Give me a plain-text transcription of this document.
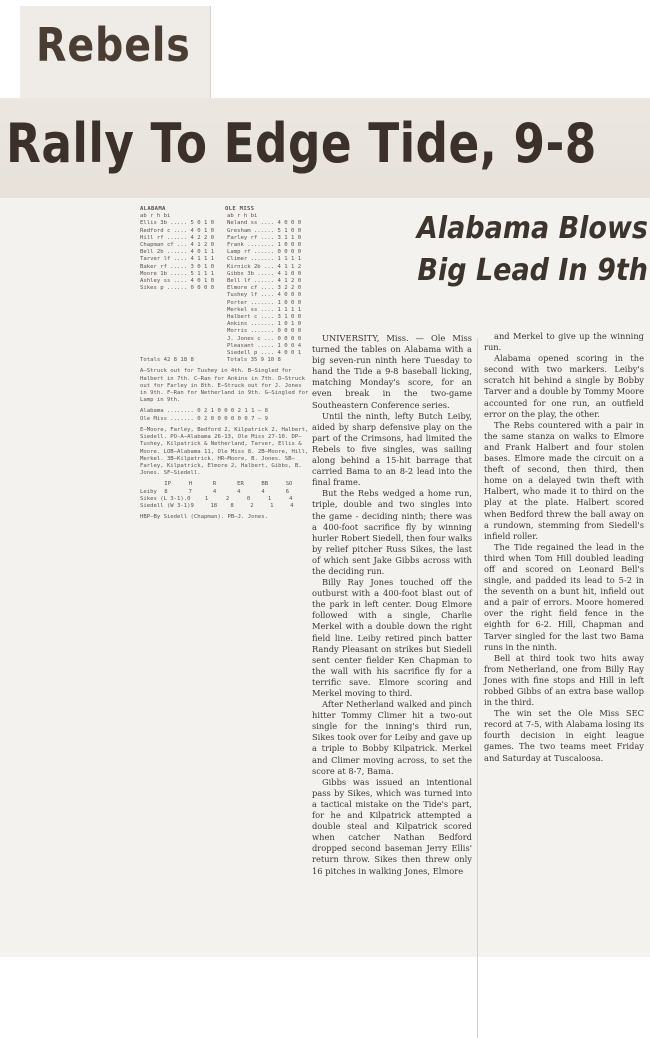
Rebels
Rally To Edge Tide, 9-8
ALABAMA	OLE MISS
ab r h bi
Ellis 3b ..... 5 0 1 0
Redford c .... 4 0 1 0
Hill rf ...... 4 2 2 0
Chapman cf ... 4 1 2 0
Bell 2b ...... 4 0 1 1
Tarver lf .... 4 1 1 1
Baker rf ..... 3 0 1 0
Moore 1b ..... 5 1 1 1
Ashley ss .... 4 0 1 0
Sikes p ...... 0 0 0 0
ab r h bi
Neland ss .... 4 0 0 0
Gresham ...... 5 1 0 0
Farley rf .... 3 1 1 0
Frank ........ 1 0 0 0
Lamp rf ...... 0 0 0 0
Climer ....... 1 1 1 1
Kirnick 2b ... 4 1 1 2
Gibbs 3b ..... 4 1 0 0
Bell lf ...... 4 1 2 0
Elmore cf .... 3 2 2 0
Tushey lf .... 4 0 0 0
Porter ....... 1 0 0 0
Merkel ss .... 1 1 1 1
Halbert c .... 3 1 0 0
Ankins ....... 1 0 1 0
Morris ....... 0 0 0 0
J. Jones c ... 0 0 0 0
Pleasant ..... 1 0 0 4
Siedell p .... 4 0 0 1
Totals 42 8 18 8	Totals 35 9 10 8
A—Struck out for Tushey in 4th. B—Singled for Halbert in 7th. C—Ran for Ankins in 7th. D—Struck out for Farley in 8th. E—Struck out for J. Jones in 9th. F—Ran for Netherland in 9th. G—Singled for Lamp in 9th.
Alabama ........ 0 2 1 0 0 0 2 1 1 — 8
Ole Miss ....... 0 2 0 0 0 0 0 0 7 — 9
E—Moore, Farley, Bedford 2, Kilpatrick 2, Halbert, Siedell. PO-A—Alabama 26-13, Ole Miss 27-10. DP—Tushey, Kilpatrick & Netherland, Tarver, Ellis & Moore. LOB—Alabama 11, Ole Miss 8. 2B—Moore, Hill, Merkel. 3B—Kilpatrick. HR—Moore, B. Jones. SB—Farley, Kilpatrick, Elmore 2, Halbert, Gibbs, B. Jones. SF—Siedell.
IP	H	R	ER	BB	SO
Leiby	8	7	4	4	4	6
Sikes (L 3-1) .0	1	2	0	1	4
Siedell (W 3-1) 9	18	8	2	1	4
HBP—By Siedell (Chapman). PB—J. Jones.
Alabama Blows
Big Lead In 9th

UNIVERSITY, Miss. — Ole Miss turned the tables on Alabama with a big seven-run ninth here Tuesday to hand the Tide a 9-8 baseball licking, matching Monday's score, for an even break in the two-game Southeastern Conference series.

Until the ninth, lefty Butch Leiby, aided by sharp defensive play on the part of the Crimsons, had limited the Rebels to five singles, was sailing along behind a 15-hit barrage that carried Bama to an 8-2 lead into the final frame.

But the Rebs wedged a home run, triple, double and two singles into the game - deciding ninth; there was a 400-foot sacrifice fly by winning hurler Robert Siedell, then four walks by relief pitcher Russ Sikes, the last of which sent Jake Gibbs across with the deciding run.

Billy Ray Jones touched off the outburst with a 400-foot blast out of the park in left center. Doug Elmore followed with a single, Charlie Merkel with a double down the right field line. Leiby retired pinch batter Randy Pleasant on strikes but Siedell sent center fielder Ken Chapman to the wall with his sacrifice fly for a terrific save. Elmore scoring and Merkel moving to third.

After Netherland walked and pinch hitter Tommy Climer hit a two-out single for the inning's third run, Sikes took over for Leiby and gave up a triple to Bobby Kilpatrick. Merkel and Climer moving across, to set the score at 8-7, Bama.

Gibbs was issued an intentional pass by Sikes, which was turned into a tactical mistake on the Tide's part, for he and Kilpatrick attempted a double steal and Kilpatrick scored when catcher Nathan Bedford dropped second baseman Jerry Ellis' return throw. Sikes then threw only 16 pitches in walking Jones, Elmore

and Merkel to give up the winning run.

Alabama opened scoring in the second with two markers. Leiby's scratch hit behind a single by Bobby Tarver and a double by Tommy Moore accounted for one run, an outfield error on the play, the other.

The Rebs countered with a pair in the same stanza on walks to Elmore and Frank Halbert and four stolen bases. Elmore made the circuit on a theft of second, then third, then home on a delayed twin theft with Halbert, who made it to third on the play at the plate. Halbert scored when Bedford threw the ball away on a rundown, stemming from Siedell's infield roller.

The Tide regained the lead in the third when Tom Hill doubled leading off and scored on Leonard Bell's single, and padded its lead to 5-2 in the seventh on a bunt hit, infield out and a pair of errors. Moore homered over the right field fence in the eighth for 6-2. Hill, Chapman and Tarver singled for the last two Bama runs in the ninth.

Bell at third took two hits away from Netherland, one from Billy Ray Jones with fine stops and Hill in left robbed Gibbs of an extra base wallop in the third.

The win set the Ole Miss SEC record at 7-5, with Alabama losing its fourth decision in eight league games. The two teams meet Friday and Saturday at Tuscaloosa.
